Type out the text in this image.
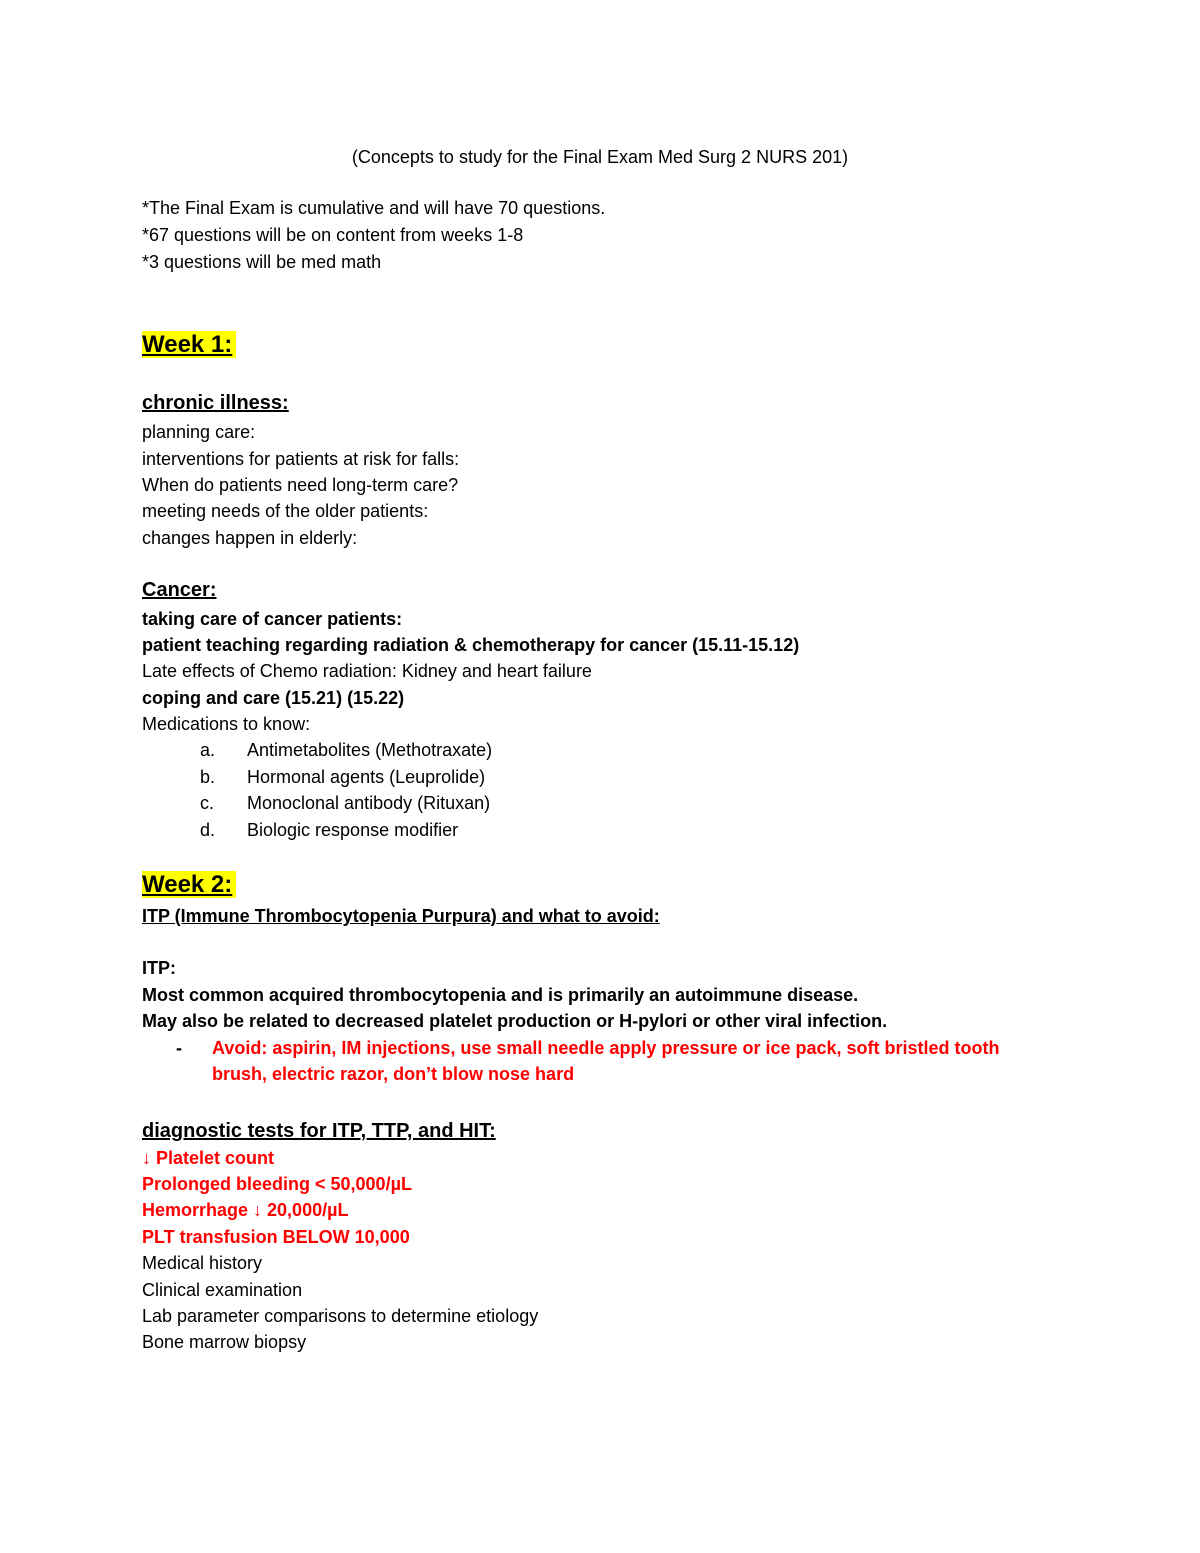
(Concepts to study for the Final Exam Med Surg 2 NURS 201)
*The Final Exam is cumulative and will have 70 questions.
*67 questions will be on content from weeks 1-8
*3 questions will be med math
Week 1:
chronic illness:
planning care:
interventions for patients at risk for falls:
When do patients need long-term care?
meeting needs of the older patients:
changes happen in elderly:
Cancer:
taking care of cancer patients:
patient teaching regarding radiation & chemotherapy for cancer (15.11-15.12)
Late effects of Chemo radiation: Kidney and heart failure
coping and care (15.21) (15.22)
Medications to know:
a. Antimetabolites (Methotraxate)
b. Hormonal agents (Leuprolide)
c. Monoclonal antibody (Rituxan)
d. Biologic response modifier
Week 2:
ITP (Immune Thrombocytopenia Purpura) and what to avoid:
ITP:
Most common acquired thrombocytopenia and is primarily an autoimmune disease.
May also be related to decreased platelet production or H-pylori or other viral infection.
- Avoid: aspirin, IM injections, use small needle apply pressure or ice pack, soft bristled tooth
brush, electric razor, don’t blow nose hard
diagnostic tests for ITP, TTP, and HIT:
↓ Platelet count
Prolonged bleeding < 50,000/µL
Hemorrhage ↓ 20,000/µL
PLT transfusion BELOW 10,000
Medical history
Clinical examination
Lab parameter comparisons to determine etiology
Bone marrow biopsy
